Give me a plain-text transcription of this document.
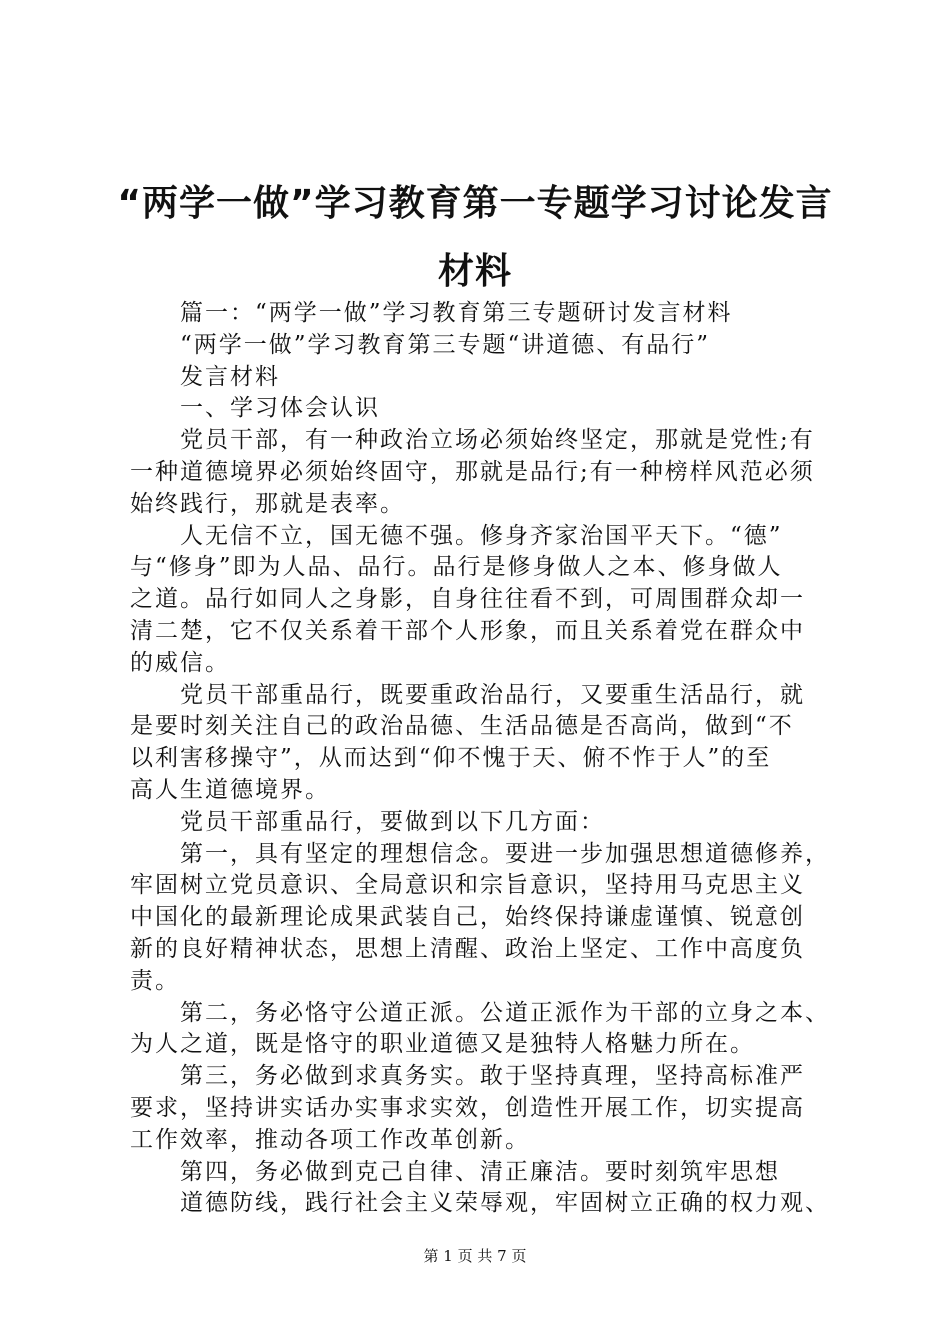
“两学一做”学习教育第一专题学习讨论发言
材料
篇一：“两学一做”学习教育第三专题研讨发言材料
“两学一做”学习教育第三专题“讲道德、有品行”
发言材料
一、学习体会认识
党员干部，有一种政治立场必须始终坚定，那就是党性;有
一种道德境界必须始终固守，那就是品行;有一种榜样风范必须
始终践行，那就是表率。
人无信不立，国无德不强。修身齐家治国平天下。“德”
与“修身”即为人品、品行。品行是修身做人之本、修身做人
之道。品行如同人之身影，自身往往看不到，可周围群众却一
清二楚，它不仅关系着干部个人形象，而且关系着党在群众中
的威信。
党员干部重品行，既要重政治品行，又要重生活品行，就
是要时刻关注自己的政治品德、生活品德是否高尚，做到“不
以利害移操守”，从而达到“仰不愧于天、俯不怍于人”的至
高人生道德境界。
党员干部重品行，要做到以下几方面：
第一，具有坚定的理想信念。要进一步加强思想道德修养，
牢固树立党员意识、全局意识和宗旨意识，坚持用马克思主义
中国化的最新理论成果武装自己，始终保持谦虚谨慎、锐意创
新的良好精神状态，思想上清醒、政治上坚定、工作中高度负
责。
第二，务必恪守公道正派。公道正派作为干部的立身之本、
为人之道，既是恪守的职业道德又是独特人格魅力所在。
第三，务必做到求真务实。敢于坚持真理，坚持高标准严
要求，坚持讲实话办实事求实效，创造性开展工作，切实提高
工作效率，推动各项工作改革创新。
第四，务必做到克己自律、清正廉洁。要时刻筑牢思想
道德防线，践行社会主义荣辱观，牢固树立正确的权力观、
第 1 页 共 7 页
